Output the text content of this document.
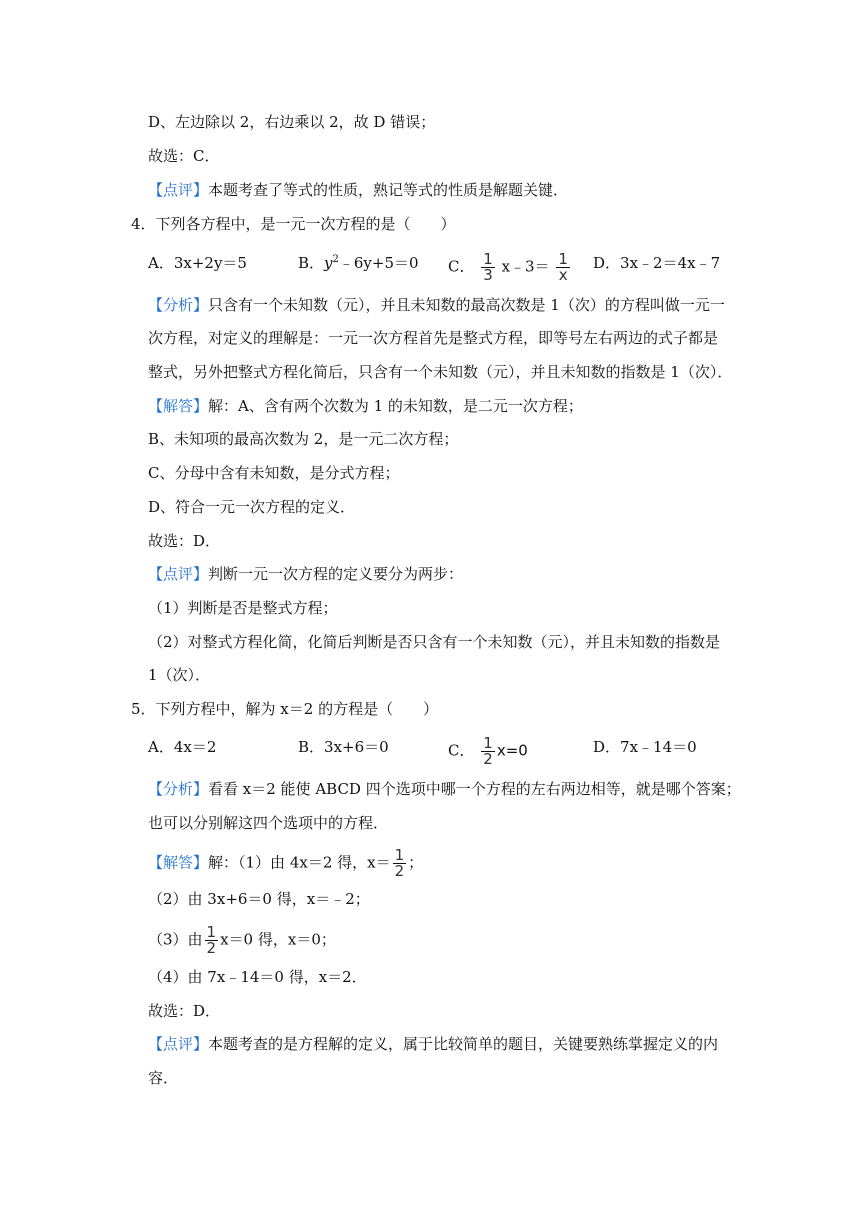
D、左边除以 2，右边乘以 2，故 D 错误；
故选：C．
【点评】本题考查了等式的性质，熟记等式的性质是解题关键．
4．下列各方程中，是一元一次方程的是（　　）
A．3x+2y＝5	B．$y^2﹣6y+5=0$ C． $\frac{1}{3}$ x﹣3＝ $\frac{1}{x}$ D．3x﹣2＝4x﹣7
【分析】只含有一个未知数（元），并且未知数的最高次数是 1（次）的方程叫做一元一
次方程，对定义的理解是：一元一次方程首先是整式方程，即等号左右两边的式子都是
整式，另外把整式方程化简后，只含有一个未知数（元），并且未知数的指数是 1（次）．
【解答】解：A、含有两个次数为 1 的未知数，是二元一次方程；
B、未知项的最高次数为 2，是一元二次方程；
C、分母中含有未知数，是分式方程；
D、符合一元一次方程的定义．
故选：D．
【点评】判断一元一次方程的定义要分为两步：
（1）判断是否是整式方程；
（2）对整式方程化简，化简后判断是否只含有一个未知数（元），并且未知数的指数是
1（次）．
5．下列方程中，解为 x＝2 的方程是（　　）
A．4x＝2	B．3x+6＝0	C． $\frac{1}{2} x=0$	D．7x﹣14＝0
【分析】看看 x＝2 能使 ABCD 四个选项中哪一个方程的左右两边相等，就是哪个答案；
也可以分别解这四个选项中的方程．
【解答】解：（1）由 4x＝2 得，$x= \frac{1}{2}$ ；
（2）由 3x+6＝0 得，x＝﹣2；
（3）由 $\frac{1}{2} x=0$ 得，x＝0；
（4）由 7x﹣14＝0 得，x＝2．
故选：D．
【点评】本题考查的是方程解的定义，属于比较简单的题目，关键要熟练掌握定义的内
容．
